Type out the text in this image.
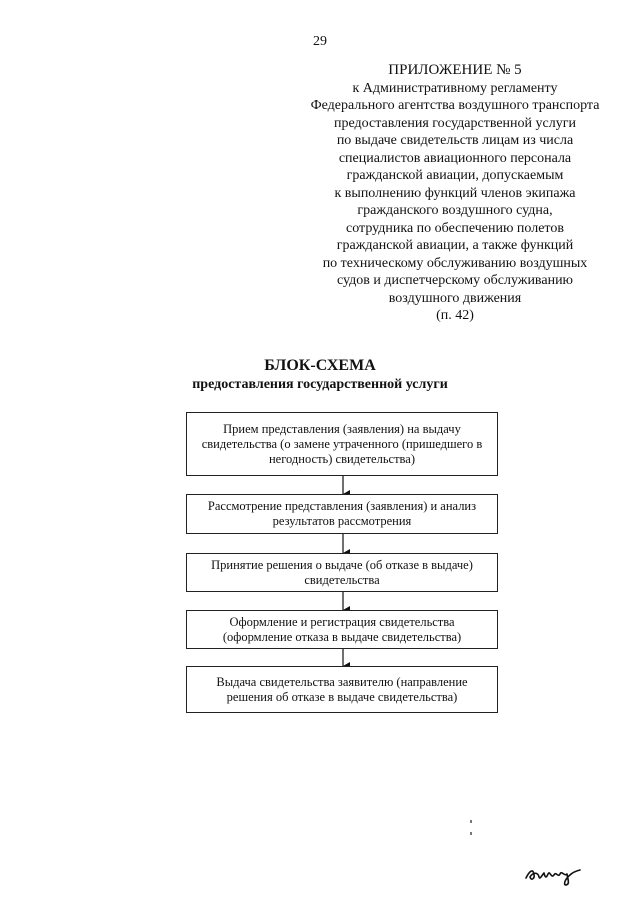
29
ПРИЛОЖЕНИЕ № 5
к Административному регламенту
Федерального агентства воздушного транспорта
предоставления государственной услуги
по выдаче свидетельств лицам из числа
специалистов авиационного персонала
гражданской авиации, допускаемым
к выполнению функций членов экипажа
гражданского воздушного судна,
сотрудника по обеспечению полетов
гражданской авиации, а также функций
по техническому обслуживанию воздушных
судов и диспетчерскому обслуживанию
воздушного движения
(п. 42)
БЛОК-СХЕМА
предоставления государственной услуги
Прием представления (заявления) на выдачу свидетельства (о замене утраченного (пришедшего в негодность) свидетельства)
Рассмотрение представления (заявления) и анализ результатов рассмотрения
Принятие решения о выдаче (об отказе в выдаче) свидетельства
Оформление и регистрация свидетельства (оформление отказа в выдаче свидетельства)
Выдача свидетельства заявителю (направление решения об отказе в выдаче свидетельства)
